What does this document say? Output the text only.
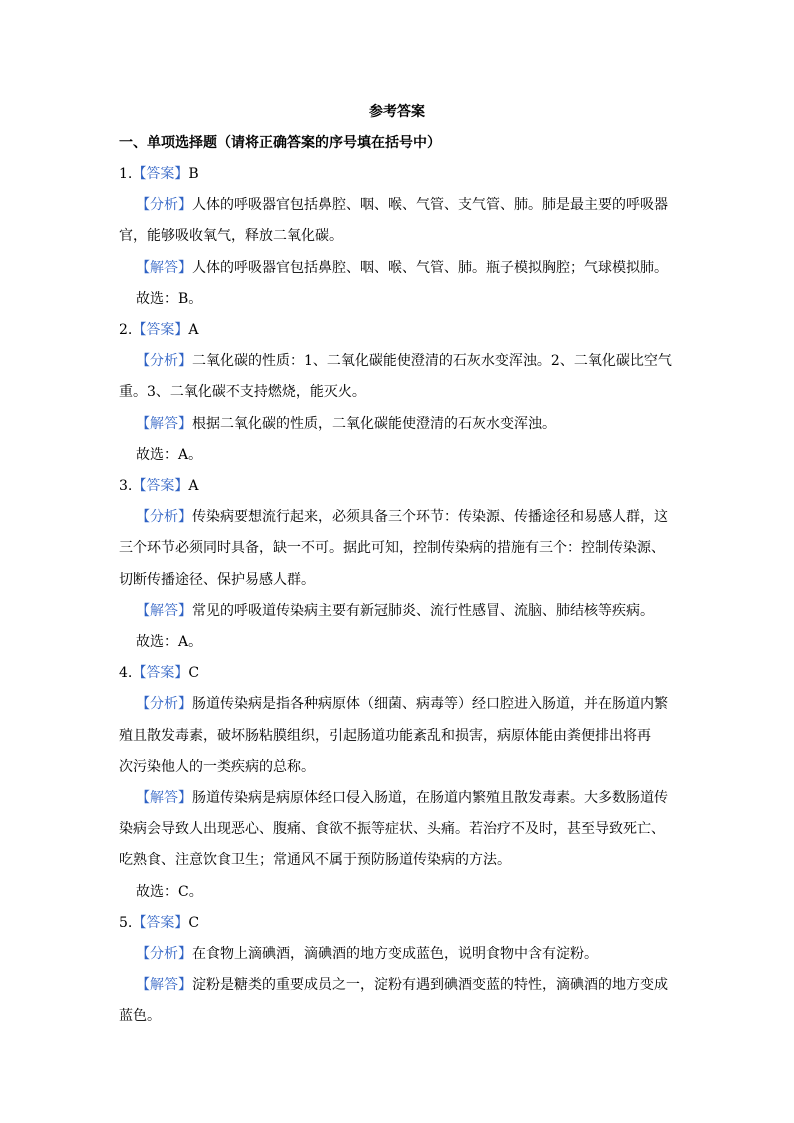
参考答案
一、单项选择题（请将正确答案的序号填在括号中）
1.【答案】B
【分析】人体的呼吸器官包括鼻腔、咽、喉、气管、支气管、肺。肺是最主要的呼吸器
官，能够吸收氧气，释放二氧化碳。
【解答】人体的呼吸器官包括鼻腔、咽、喉、气管、肺。瓶子模拟胸腔；气球模拟肺。
故选：B。
2.【答案】A
【分析】二氧化碳的性质：1、二氧化碳能使澄清的石灰水变浑浊。2、二氧化碳比空气
重。3、二氧化碳不支持燃烧，能灭火。
【解答】根据二氧化碳的性质，二氧化碳能使澄清的石灰水变浑浊。
故选：A。
3.【答案】A
【分析】传染病要想流行起来，必须具备三个环节：传染源、传播途径和易感人群，这
三个环节必须同时具备，缺一不可。据此可知，控制传染病的措施有三个：控制传染源、
切断传播途径、保护易感人群。
【解答】常见的呼吸道传染病主要有新冠肺炎、流行性感冒、流脑、肺结核等疾病。
故选：A。
4.【答案】C
【分析】肠道传染病是指各种病原体（细菌、病毒等）经口腔进入肠道，并在肠道内繁
殖且散发毒素，破坏肠粘膜组织，引起肠道功能紊乱和损害，病原体能由粪便排出将再
次污染他人的一类疾病的总称。
【解答】肠道传染病是病原体经口侵入肠道，在肠道内繁殖且散发毒素。大多数肠道传
染病会导致人出现恶心、腹痛、食欲不振等症状、头痛。若治疗不及时，甚至导致死亡、
吃熟食、注意饮食卫生；常通风不属于预防肠道传染病的方法。
故选：C。
5.【答案】C
【分析】在食物上滴碘酒，滴碘酒的地方变成蓝色，说明食物中含有淀粉。
【解答】淀粉是糖类的重要成员之一，淀粉有遇到碘酒变蓝的特性，滴碘酒的地方变成
蓝色。
